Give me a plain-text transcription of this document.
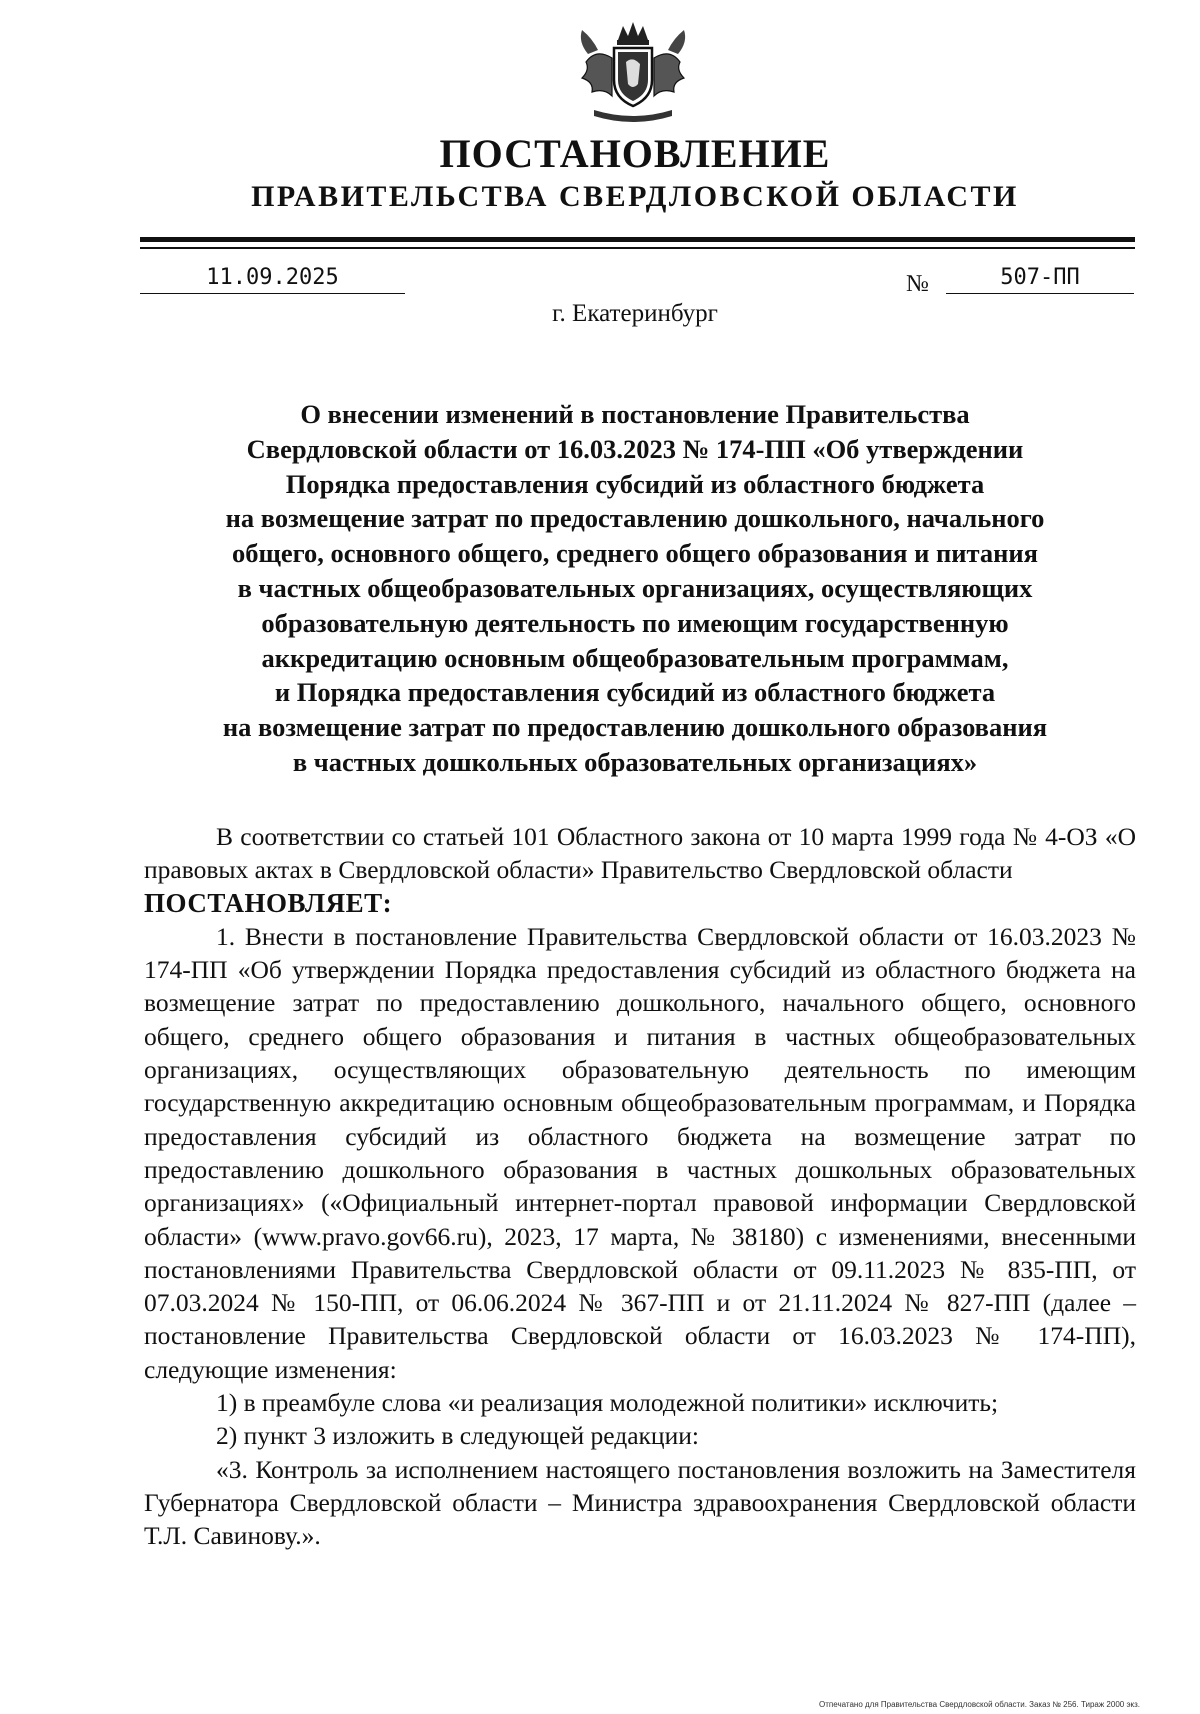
ПОСТАНОВЛЕНИЕ
ПРАВИТЕЛЬСТВА СВЕРДЛОВСКОЙ ОБЛАСТИ
11.09.2025	№	507-ПП
г. Екатеринбург
О внесении изменений в постановление Правительства
Свердловской области от 16.03.2023 № 174-ПП «Об утверждении
Порядка предоставления субсидий из областного бюджета
на возмещение затрат по предоставлению дошкольного, начального
общего, основного общего, среднего общего образования и питания
в частных общеобразовательных организациях, осуществляющих
образовательную деятельность по имеющим государственную
аккредитацию основным общеобразовательным программам,
и Порядка предоставления субсидий из областного бюджета
на возмещение затрат по предоставлению дошкольного образования
в частных дошкольных образовательных организациях»

В соответствии со статьей 101 Областного закона от 10 марта 1999 года № 4-ОЗ «О правовых актах в Свердловской области» Правительство Свердловской области

ПОСТАНОВЛЯЕТ:

1. Внести в постановление Правительства Свердловской области от 16.03.2023 № 174-ПП «Об утверждении Порядка предоставления субсидий из областного бюджета на возмещение затрат по предоставлению дошкольного, начального общего, основного общего, среднего общего образования и питания в частных общеобразовательных организациях, осуществляющих образовательную деятельность по имеющим государственную аккредитацию основным общеобразовательным программам, и Порядка предоставления субсидий из областного бюджета на возмещение затрат по предоставлению дошкольного образования в частных дошкольных образовательных организациях» («Официальный интернет-портал правовой информации Свердловской области» (www.pravo.gov66.ru), 2023, 17 марта, № 38180) с изменениями, внесенными постановлениями Правительства Свердловской области от 09.11.2023 № 835-ПП, от 07.03.2024 № 150-ПП, от 06.06.2024 № 367-ПП и от 21.11.2024 № 827-ПП (далее – постановление Правительства Свердловской области от 16.03.2023 № 174-ПП), следующие изменения:

1) в преамбуле слова «и реализация молодежной политики» исключить;

2) пункт 3 изложить в следующей редакции:

«3. Контроль за исполнением настоящего постановления возложить на Заместителя Губернатора Свердловской области – Министра здравоохранения Свердловской области Т.Л. Савинову.».

Отпечатано для Правительства Свердловской области. Заказ № 256. Тираж 2000 экз.
